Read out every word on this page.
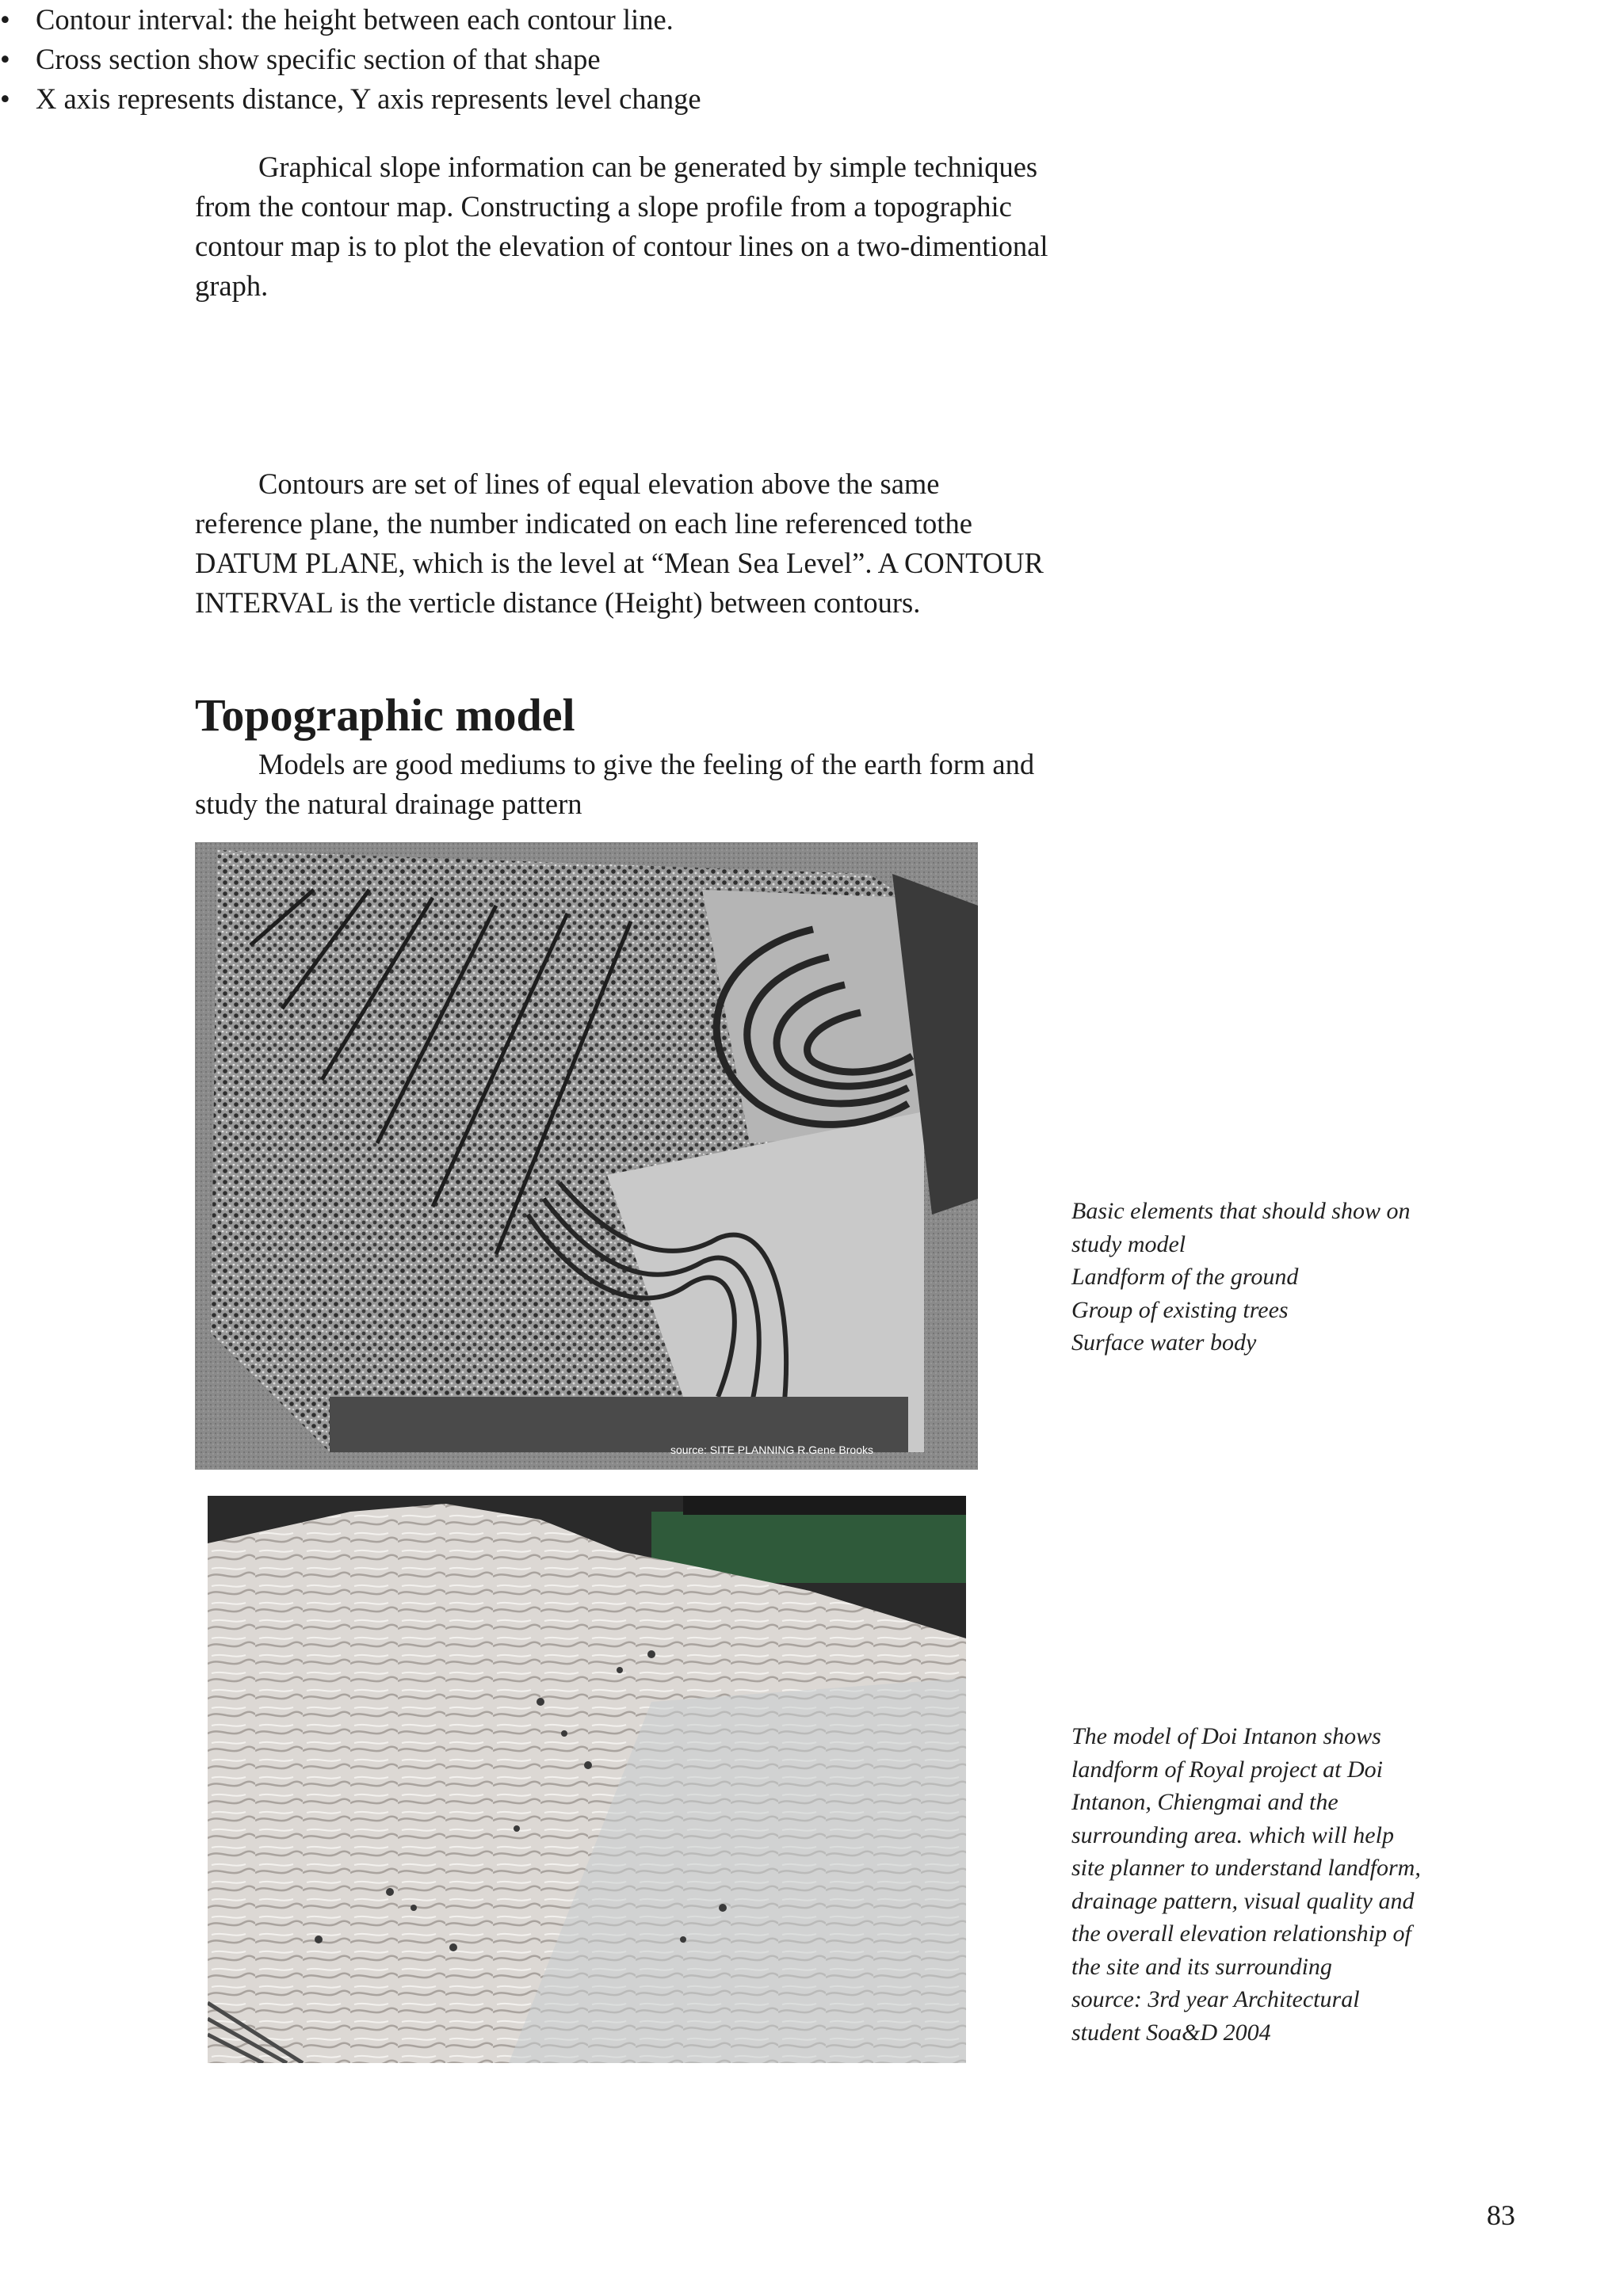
Graphical slope information can be generated by simple techniques from the contour map. Constructing a slope profile from a topographic contour map is to plot the elevation of contour lines on a two-dimentional graph.

• Contour interval: the height between each contour line.
• Cross section show specific section of that shape
• X axis represents distance, Y axis represents level change

Contours are set of lines of equal elevation above the same reference plane, the number indicated on each line referenced tothe DATUM PLANE, which is the level at “Mean Sea Level”. A CONTOUR INTERVAL is the verticle distance (Height) between contours.

Topographic model

Models are good mediums to give the feeling of the earth form and study the natural drainage pattern

source: SITE PLANNING R.Gene Brooks

Basic elements that should show on
study model
Landform of the ground
Group of existing trees
Surface water body

The model of Doi Intanon shows
landform of Royal project at Doi
Intanon, Chiengmai and the
surrounding area. which will help
site planner to understand landform,
drainage pattern, visual quality and
the overall elevation relationship of
the site and its surrounding
source: 3rd year Architectural
student Soa&D 2004

83
